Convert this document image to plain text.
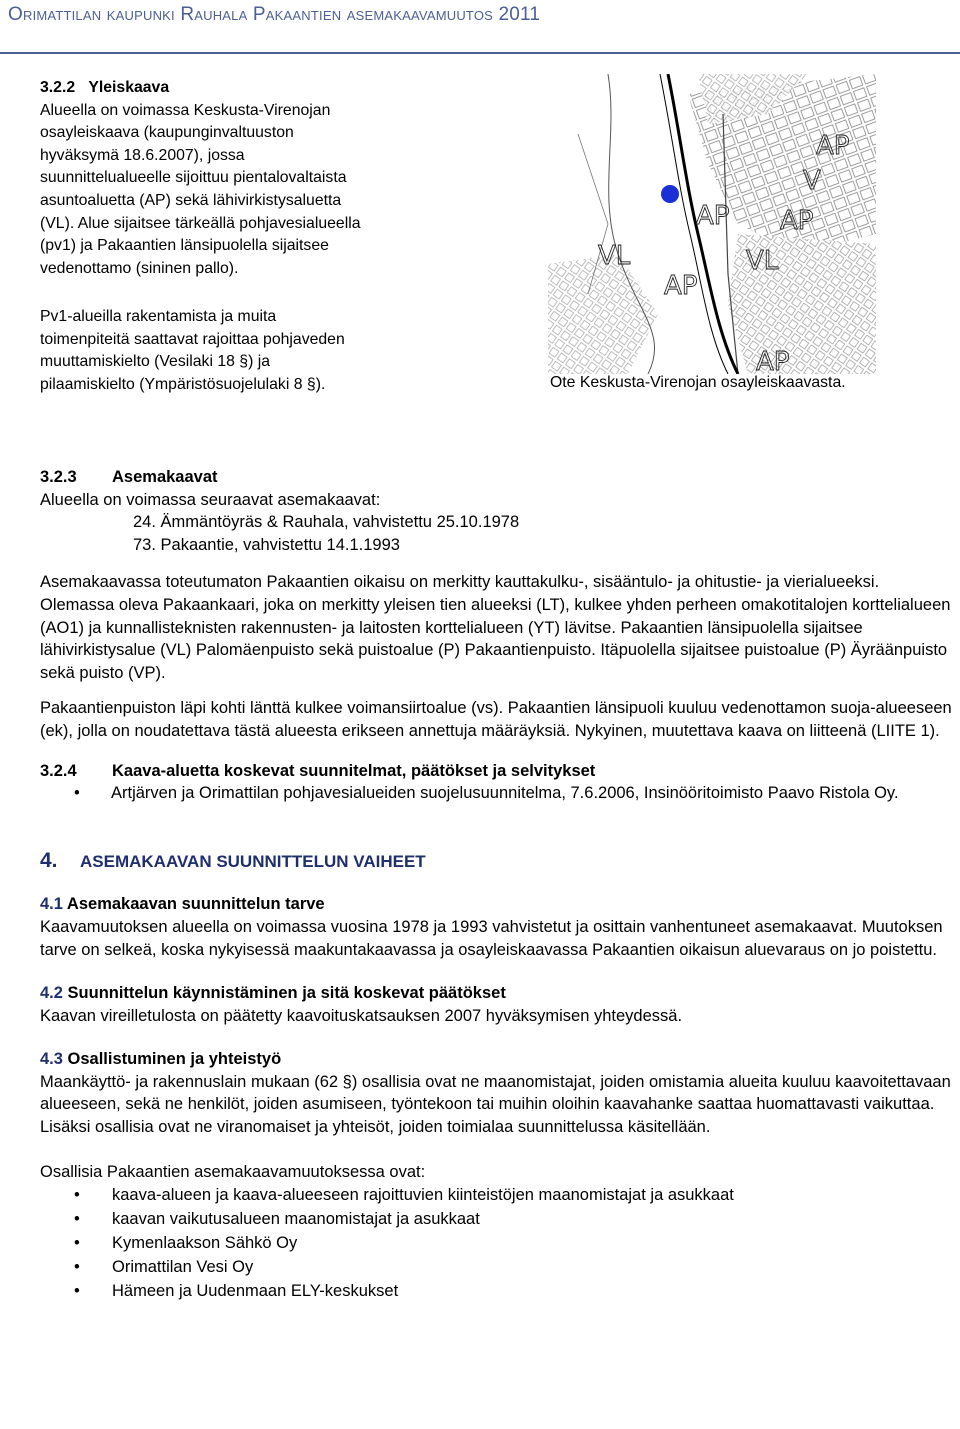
Orimattilan kaupunki Rauhala Pakaantien asemakaavamuutos 2011
3.2.2 Yleiskaava
Alueella on voimassa Keskusta-Virenojan
osayleiskaava (kaupunginvaltuuston
hyväksymä 18.6.2007), jossa
suunnittelualueelle sijoittuu pientalovaltaista
asuntoaluetta (AP) sekä lähivirkistysaluetta
(VL). Alue sijaitsee tärkeällä pohjavesialueella
(pv1) ja Pakaantien länsipuolella sijaitsee
vedenottamo (sininen pallo).
Pv1-alueilla rakentamista ja muita
toimenpiteitä saattavat rajoittaa pohjaveden
muuttamiskielto (Vesilaki 18 §) ja
pilaamiskielto (Ympäristösuojelulaki 8 §).
AP
V
AP AP
VL	VL
AP
AP
Ote Keskusta-Virenojan osayleiskaavasta.
3.2.3 Asemakaavat
Alueella on voimassa seuraavat asemakaavat:
24. Ämmäntöyräs & Rauhala, vahvistettu 25.10.1978
73. Pakaantie, vahvistettu 14.1.1993
Asemakaavassa toteutumaton Pakaantien oikaisu on merkitty kauttakulku-, sisääntulo- ja ohitustie- ja vierialueeksi. Olemassa oleva Pakaankaari, joka on merkitty yleisen tien alueeksi (LT), kulkee yhden perheen omakotitalojen korttelialueen (AO1) ja kunnallisteknisten rakennusten- ja laitosten korttelialueen (YT) lävitse. Pakaantien länsipuolella sijaitsee lähivirkistysalue (VL) Palomäenpuisto sekä puistoalue (P) Pakaantienpuisto. Itäpuolella sijaitsee puistoalue (P) Äyräänpuisto sekä puisto (VP).
Pakaantienpuiston läpi kohti länttä kulkee voimansiirtoalue (vs). Pakaantien länsipuoli kuuluu vedenottamon suoja-alueeseen (ek), jolla on noudatettava tästä alueesta erikseen annettuja määräyksiä. Nykyinen, muutettava kaava on liitteenä (LIITE 1).
3.2.4 Kaava-aluetta koskevat suunnitelmat, päätökset ja selvitykset
• Artjärven ja Orimattilan pohjavesialueiden suojelusuunnitelma, 7.6.2006, Insinööritoimisto Paavo Ristola Oy.
4. ASEMAKAAVAN SUUNNITTELUN VAIHEET
4.1 Asemakaavan suunnittelun tarve
Kaavamuutoksen alueella on voimassa vuosina 1978 ja 1993 vahvistetut ja osittain vanhentuneet asemakaavat. Muutoksen tarve on selkeä, koska nykyisessä maakuntakaavassa ja osayleiskaavassa Pakaantien oikaisun aluevaraus on jo poistettu.
4.2 Suunnittelun käynnistäminen ja sitä koskevat päätökset
Kaavan vireilletulosta on päätetty kaavoituskatsauksen 2007 hyväksymisen yhteydessä.
4.3 Osallistuminen ja yhteistyö
Maankäyttö- ja rakennuslain mukaan (62 §) osallisia ovat ne maanomistajat, joiden omistamia alueita kuuluu kaavoitettavaan alueeseen, sekä ne henkilöt, joiden asumiseen, työntekoon tai muihin oloihin kaavahanke saattaa huomattavasti vaikuttaa. Lisäksi osallisia ovat ne viranomaiset ja yhteisöt, joiden toimialaa suunnittelussa käsitellään.
Osallisia Pakaantien asemakaavamuutoksessa ovat:
• kaava-alueen ja kaava-alueeseen rajoittuvien kiinteistöjen maanomistajat ja asukkaat
• kaavan vaikutusalueen maanomistajat ja asukkaat
• Kymenlaakson Sähkö Oy
• Orimattilan Vesi Oy
• Hämeen ja Uudenmaan ELY-keskukset
